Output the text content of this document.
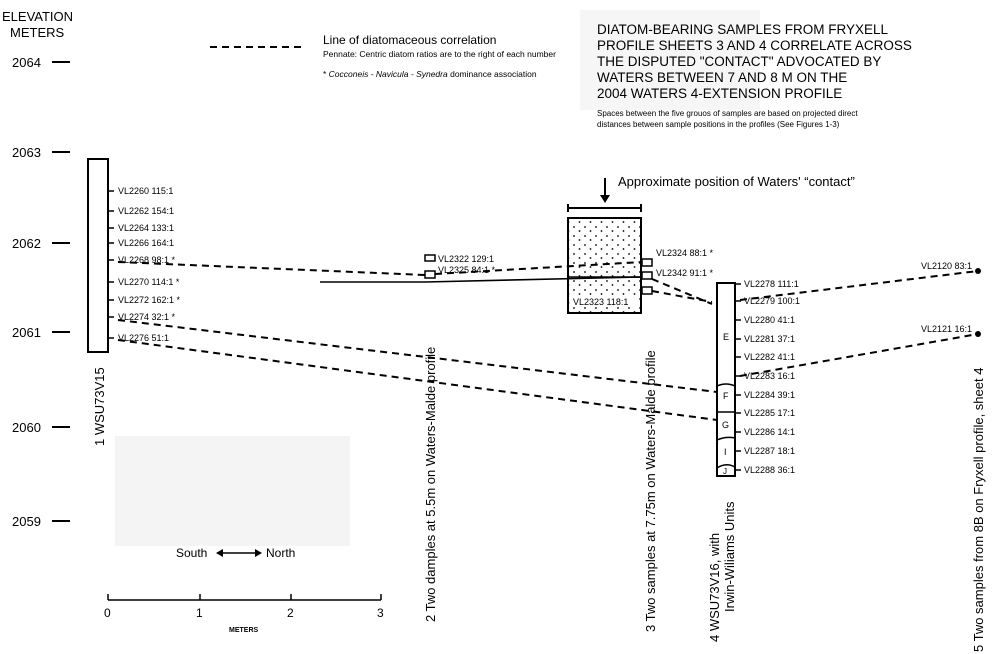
ELEVATION
METERS
2064
2063
2062
2061
2060
2059
Line of diatomaceous correlation
Pennate: Centric diatom ratios are to the right of each number
* Cocconeis - Navicula - Synedra dominance association
DIATOM-BEARING SAMPLES FROM FRYXELL
PROFILE SHEETS 3 AND 4 CORRELATE ACROSS
THE DISPUTED "CONTACT" ADVOCATED BY
WATERS BETWEEN 7 AND 8 M ON THE
2004 WATERS 4-EXTENSION PROFILE
Spaces between the five grouos of samples are based on projected direct
distances between sample positions in the profiles (See Figures 1-3)
VL2260 115:1
VL2262 154:1
VL2264 133:1
VL2266 164:1
VL2268 98:1 *
VL2270 114:1 *
VL2272 162:1 *
VL2274 32:1 *
VL2276 51:1
1 WSU73V15
VL2322 129:1
VL2325 84:1 *
2 Two damples at 5.5m on Waters-Malde profile
Approximate position of Waters' “contact”
VL2323 118:1
VL2324 88:1 *
VL2342 91:1 *
3 Two samples at 7.75m on Waters-Malde profile
E
F
G
I
J
VL2278 111:1
VL2279 100:1
VL2280 41:1
VL2281 37:1
VL2282 41:1
VL2283 16:1
VL2284 39:1
VL2285 17:1
VL2286 14:1
VL2287 18:1
VL2288 36:1
4 WSU73V16, with Irwin-Wiliams Units
VL2120 83:1
VL2121 16:1
5 Two samples from 8B on Fryxell profile, sheet 4
South	North
0	1	2	3
METERS
